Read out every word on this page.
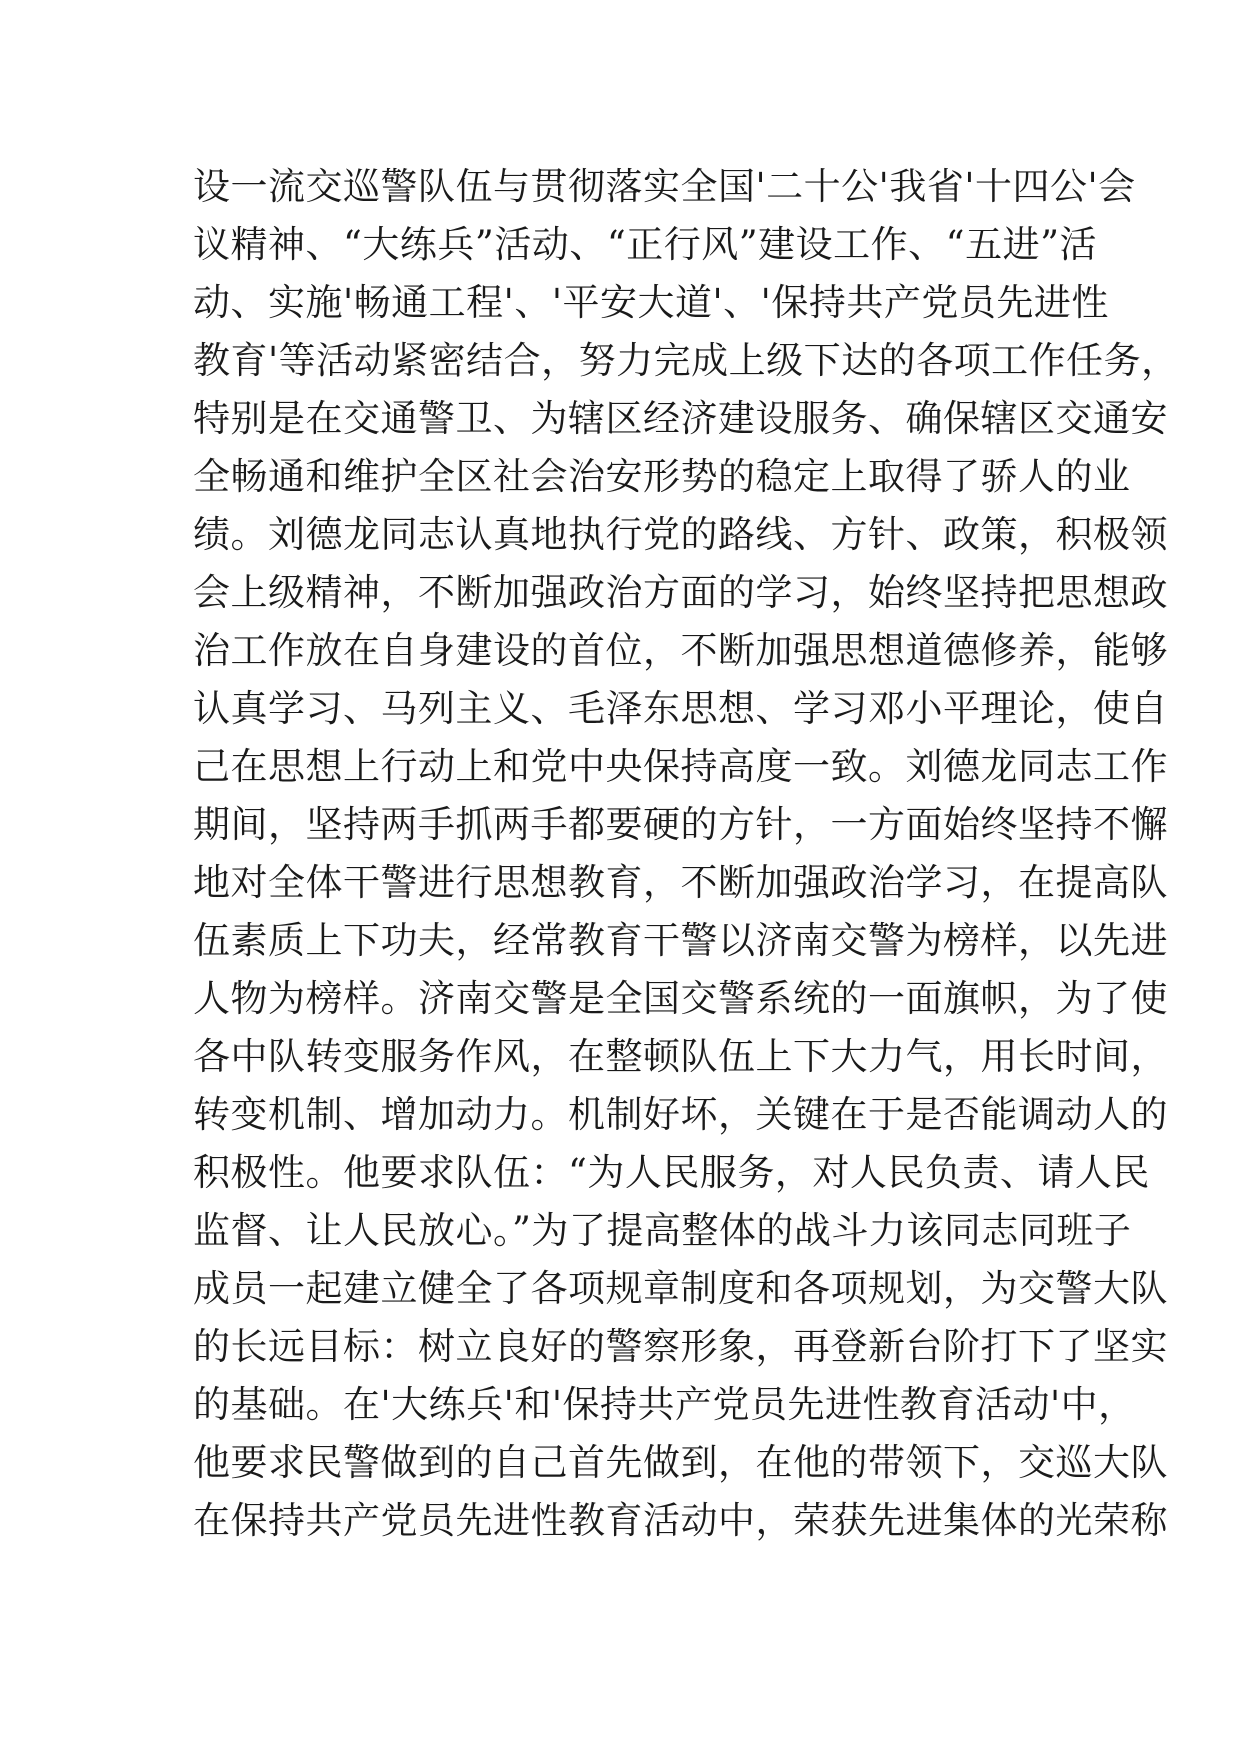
设一流交巡警队伍与贯彻落实全国'二十公'我省'十四公'会
议精神、“大练兵”活动、“正行风”建设工作、“五进”活
动、实施'畅通工程'、'平安大道'、'保持共产党员先进性
教育'等活动紧密结合，努力完成上级下达的各项工作任务，
特别是在交通警卫、为辖区经济建设服务、确保辖区交通安
全畅通和维护全区社会治安形势的稳定上取得了骄人的业
绩。刘德龙同志认真地执行党的路线、方针、政策，积极领
会上级精神，不断加强政治方面的学习，始终坚持把思想政
治工作放在自身建设的首位，不断加强思想道德修养，能够
认真学习、马列主义、毛泽东思想、学习邓小平理论，使自
己在思想上行动上和党中央保持高度一致。刘德龙同志工作
期间，坚持两手抓两手都要硬的方针，一方面始终坚持不懈
地对全体干警进行思想教育，不断加强政治学习，在提高队
伍素质上下功夫，经常教育干警以济南交警为榜样，以先进
人物为榜样。济南交警是全国交警系统的一面旗帜，为了使
各中队转变服务作风，在整顿队伍上下大力气，用长时间，
转变机制、增加动力。机制好坏，关键在于是否能调动人的
积极性。他要求队伍：“为人民服务，对人民负责、请人民
监督、让人民放心。”为了提高整体的战斗力该同志同班子
成员一起建立健全了各项规章制度和各项规划，为交警大队
的长远目标：树立良好的警察形象，再登新台阶打下了坚实
的基础。在'大练兵'和'保持共产党员先进性教育活动'中，
他要求民警做到的自己首先做到，在他的带领下，交巡大队
在保持共产党员先进性教育活动中，荣获先进集体的光荣称
